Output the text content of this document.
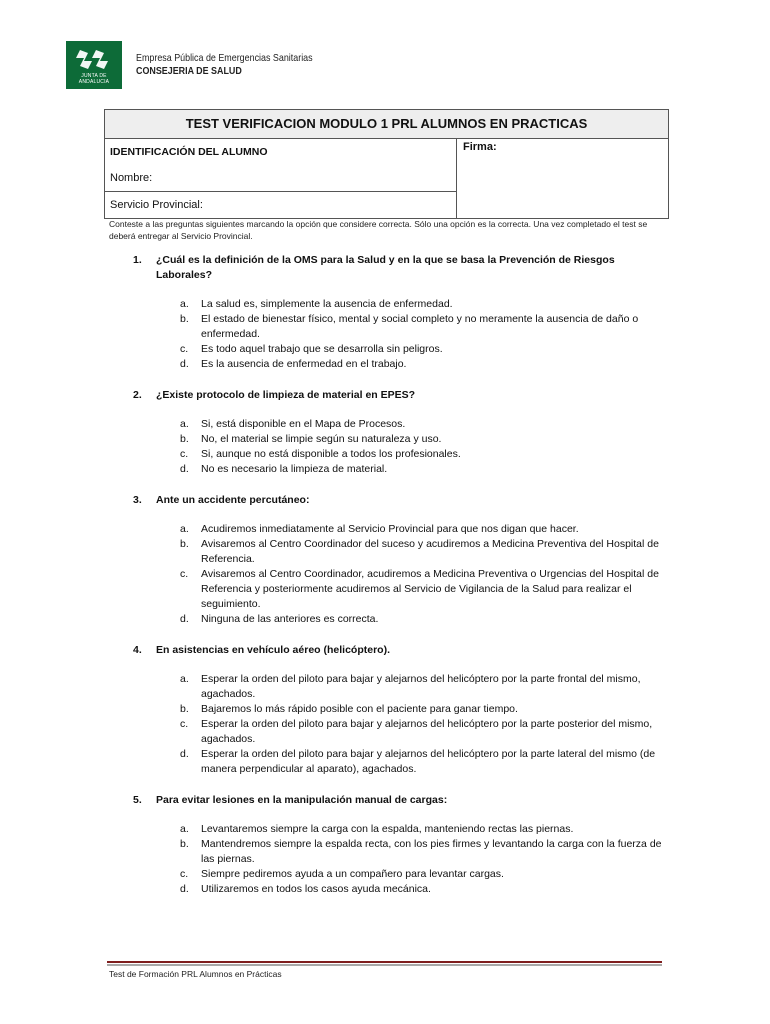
JUNTA DE ANDALUCIA
Empresa Pública de Emergencias Sanitarias
CONSEJERIA DE SALUD
TEST VERIFICACION MODULO 1 PRL ALUMNOS EN PRACTICAS
IDENTIFICACIÓN DEL ALUMNO
Nombre:
Servicio Provincial:
Firma:
Conteste a las preguntas siguientes marcando la opción que considere correcta. Sólo una opción es la correcta. Una vez completado el test se deberá entregar al Servicio Provincial.
1.	¿Cuál es la definición de la OMS para la Salud y en la que se basa la Prevención de Riesgos Laborales?
a.	La salud es, simplemente la ausencia de enfermedad.
b.	El estado de bienestar físico, mental y social completo y no meramente la ausencia de daño o enfermedad.
c.	Es todo aquel trabajo que se desarrolla sin peligros.
d.	Es la ausencia de enfermedad en el trabajo.
2.	¿Existe protocolo de limpieza de material en EPES?
a.	Si, está disponible en el Mapa de Procesos.
b.	No, el material se limpie según su naturaleza y uso.
c.	Si, aunque no está disponible a todos los profesionales.
d.	No es necesario la limpieza de material.
3.	Ante un accidente percutáneo:
a.	Acudiremos inmediatamente al Servicio Provincial para que nos digan que hacer.
b.	Avisaremos al Centro Coordinador del suceso y acudiremos a Medicina Preventiva del Hospital de Referencia.
c.	Avisaremos al Centro Coordinador, acudiremos a Medicina Preventiva o Urgencias del Hospital de Referencia y posteriormente acudiremos al Servicio de Vigilancia de la Salud para realizar el seguimiento.
d.	Ninguna de las anteriores es correcta.
4.	En asistencias en vehículo aéreo (helicóptero).
a.	Esperar la orden del piloto para bajar y alejarnos del helicóptero por la parte frontal del mismo, agachados.
b.	Bajaremos lo más rápido posible con el paciente para ganar tiempo.
c.	Esperar la orden del piloto para bajar y alejarnos del helicóptero por la parte posterior del mismo, agachados.
d.	Esperar la orden del piloto para bajar y alejarnos del helicóptero por la parte lateral del mismo (de manera perpendicular al aparato), agachados.
5.	Para evitar lesiones en la manipulación manual de cargas:
a.	Levantaremos siempre la carga con la espalda, manteniendo rectas las piernas.
b.	Mantendremos siempre la espalda recta, con los pies firmes y levantando la carga con la fuerza de las piernas.
c.	Siempre pediremos ayuda a un compañero para levantar cargas.
d.	Utilizaremos en todos los casos ayuda mecánica.
Test de Formación PRL Alumnos en Prácticas
